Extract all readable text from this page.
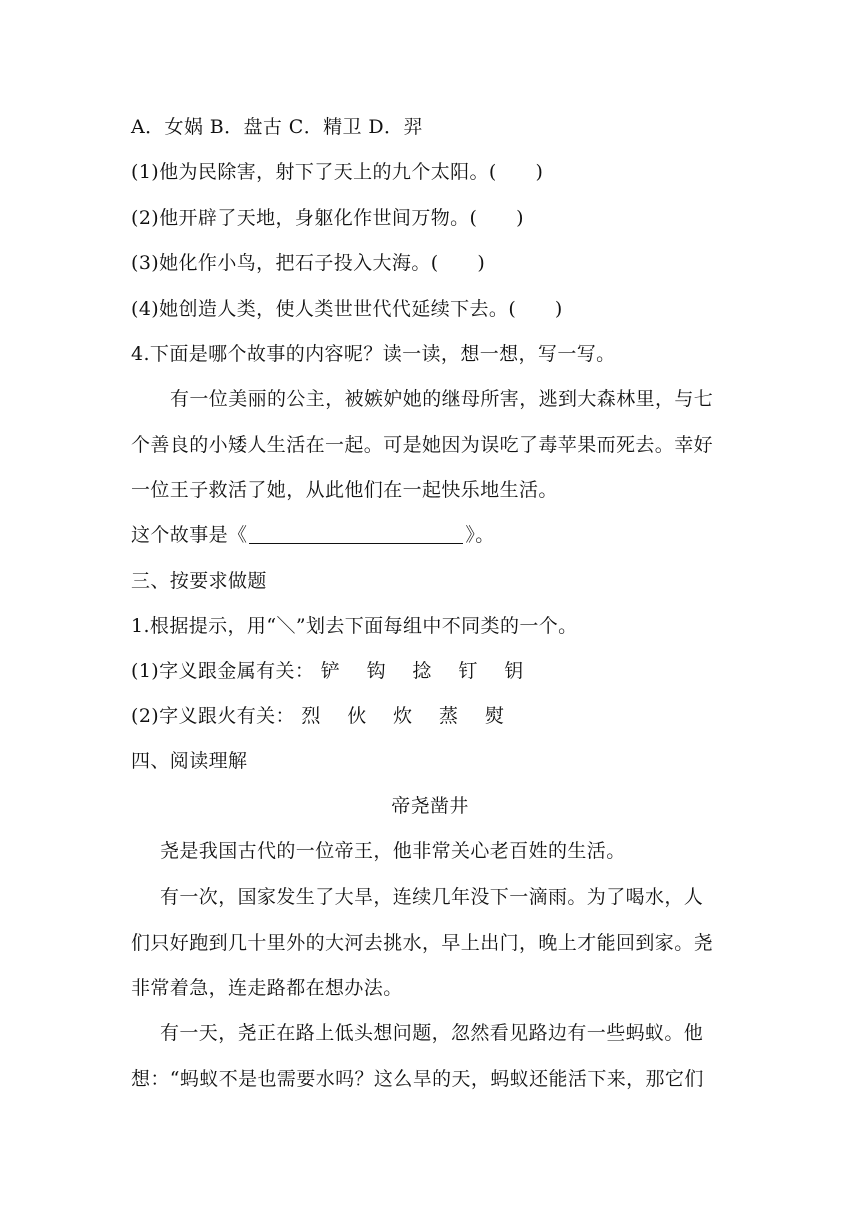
A．女娲 B．盘古 C．精卫 D．羿
(1)他为民除害，射下了天上的九个太阳。(　　)
(2)他开辟了天地，身躯化作世间万物。(　　)
(3)她化作小鸟，把石子投入大海。(　　)
(4)她创造人类，使人类世世代代延续下去。(　　)
4.下面是哪个故事的内容呢？读一读，想一想，写一写。
有一位美丽的公主，被嫉妒她的继母所害，逃到大森林里，与七
个善良的小矮人生活在一起。可是她因为误吃了毒苹果而死去。幸好
一位王子救活了她，从此他们在一起快乐地生活。
这个故事是《	》。
三、按要求做题
1.根据提示，用“＼”划去下面每组中不同类的一个。
(1)字义跟金属有关： 铲 钩 捻 钉 钥
(2)字义跟火有关： 烈 伙 炊 蒸 熨
四、阅读理解
帝尧凿井
尧是我国古代的一位帝王，他非常关心老百姓的生活。
有一次，国家发生了大旱，连续几年没下一滴雨。为了喝水，人
们只好跑到几十里外的大河去挑水，早上出门，晚上才能回到家。尧
非常着急，连走路都在想办法。
有一天，尧正在路上低头想问题，忽然看见路边有一些蚂蚁。他
想：“蚂蚁不是也需要水吗？这么旱的天，蚂蚁还能活下来，那它们
